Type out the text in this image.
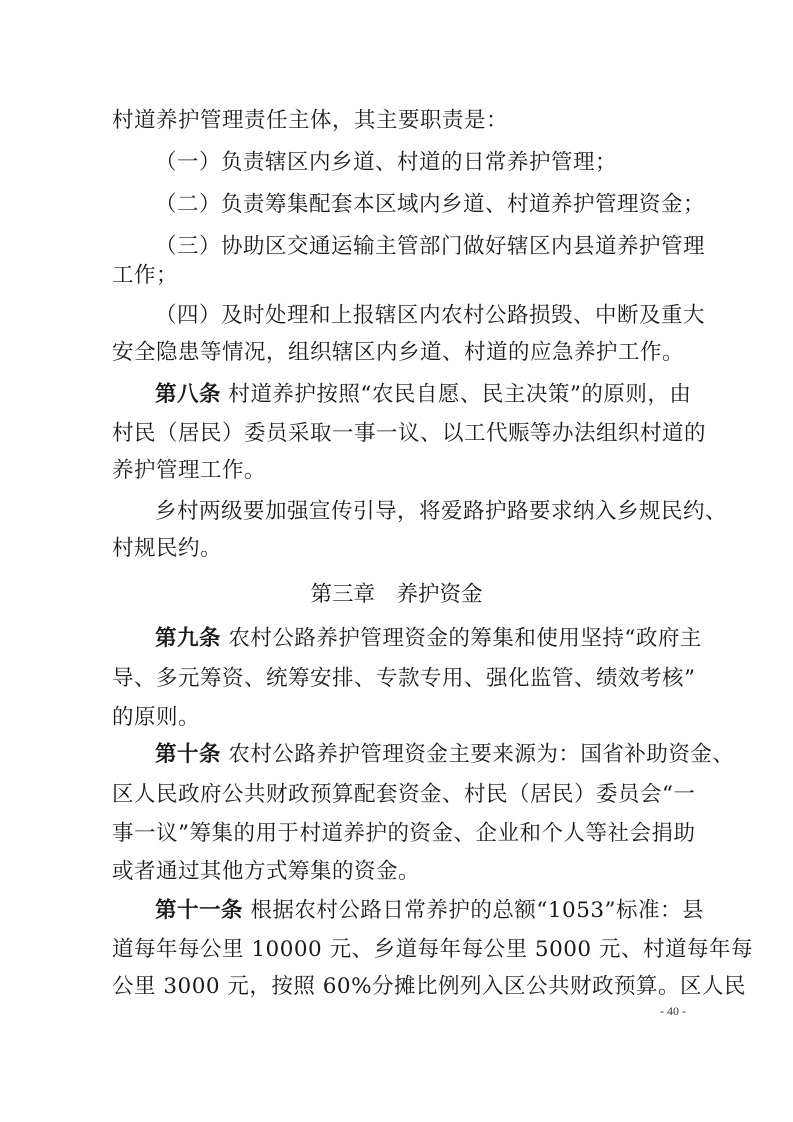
村道养护管理责任主体，其主要职责是：
（一）负责辖区内乡道、村道的日常养护管理；
（二）负责筹集配套本区域内乡道、村道养护管理资金；
（三）协助区交通运输主管部门做好辖区内县道养护管理
工作；
（四）及时处理和上报辖区内农村公路损毁、中断及重大
安全隐患等情况，组织辖区内乡道、村道的应急养护工作。
第八条 村道养护按照“农民自愿、民主决策”的原则，由
村民（居民）委员采取一事一议、以工代赈等办法组织村道的
养护管理工作。
乡村两级要加强宣传引导，将爱路护路要求纳入乡规民约、
村规民约。
第三章　养护资金
第九条 农村公路养护管理资金的筹集和使用坚持“政府主
导、多元筹资、统筹安排、专款专用、强化监管、绩效考核”
的原则。
第十条 农村公路养护管理资金主要来源为：国省补助资金、
区人民政府公共财政预算配套资金、村民（居民）委员会“一
事一议”筹集的用于村道养护的资金、企业和个人等社会捐助
或者通过其他方式筹集的资金。
第十一条 根据农村公路日常养护的总额“1053”标准：县
道每年每公里 10000 元、乡道每年每公里 5000 元、村道每年每
公里 3000 元，按照 60%分摊比例列入区公共财政预算。区人民
- 40 -
